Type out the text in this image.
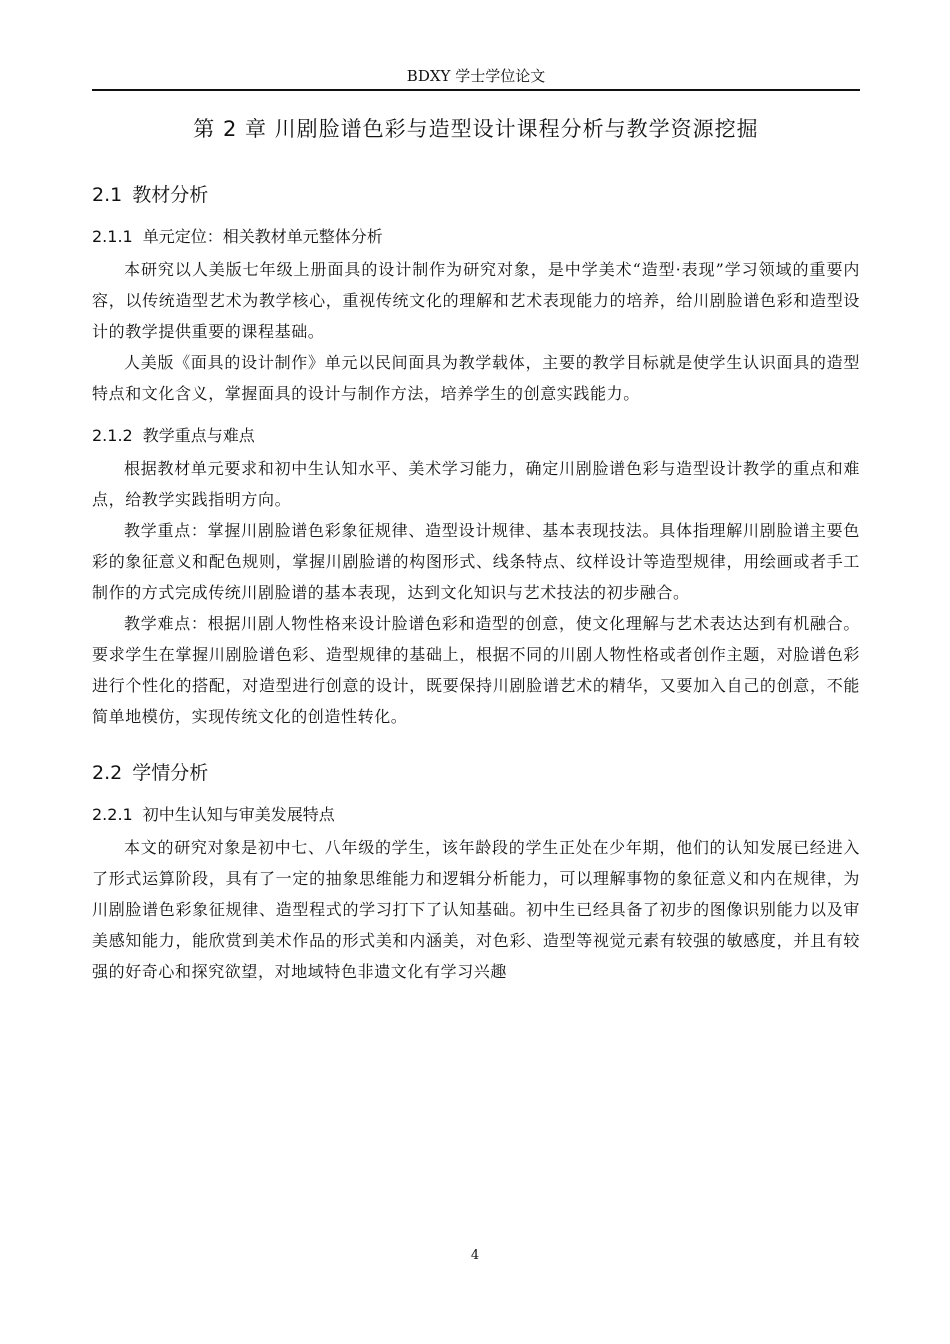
BDXY 学士学位论文
第 2 章 川剧脸谱色彩与造型设计课程分析与教学资源挖掘
2.1 教材分析
2.1.1 单元定位：相关教材单元整体分析

本研究以人美版七年级上册面具的设计制作为研究对象，是中学美术“造型·表现”学习领域的重要内容，以传统造型艺术为教学核心，重视传统文化的理解和艺术表现能力的培养，给川剧脸谱色彩和造型设计的教学提供重要的课程基础。

人美版《面具的设计制作》单元以民间面具为教学载体，主要的教学目标就是使学生认识面具的造型特点和文化含义，掌握面具的设计与制作方法，培养学生的创意实践能力。

2.1.2 教学重点与难点

根据教材单元要求和初中生认知水平、美术学习能力，确定川剧脸谱色彩与造型设计教学的重点和难点，给教学实践指明方向。

教学重点：掌握川剧脸谱色彩象征规律、造型设计规律、基本表现技法。具体指理解川剧脸谱主要色彩的象征意义和配色规则，掌握川剧脸谱的构图形式、线条特点、纹样设计等造型规律，用绘画或者手工制作的方式完成传统川剧脸谱的基本表现，达到文化知识与艺术技法的初步融合。

教学难点：根据川剧人物性格来设计脸谱色彩和造型的创意，使文化理解与艺术表达达到有机融合。要求学生在掌握川剧脸谱色彩、造型规律的基础上，根据不同的川剧人物性格或者创作主题，对脸谱色彩进行个性化的搭配，对造型进行创意的设计，既要保持川剧脸谱艺术的精华，又要加入自己的创意，不能简单地模仿，实现传统文化的创造性转化。

2.2 学情分析
2.2.1 初中生认知与审美发展特点

本文的研究对象是初中七、八年级的学生，该年龄段的学生正处在少年期，他们的认知发展已经进入了形式运算阶段，具有了一定的抽象思维能力和逻辑分析能力，可以理解事物的象征意义和内在规律，为川剧脸谱色彩象征规律、造型程式的学习打下了认知基础。初中生已经具备了初步的图像识别能力以及审美感知能力，能欣赏到美术作品的形式美和内涵美，对色彩、造型等视觉元素有较强的敏感度，并且有较强的好奇心和探究欲望，对地域特色非遗文化有学习兴趣

4
